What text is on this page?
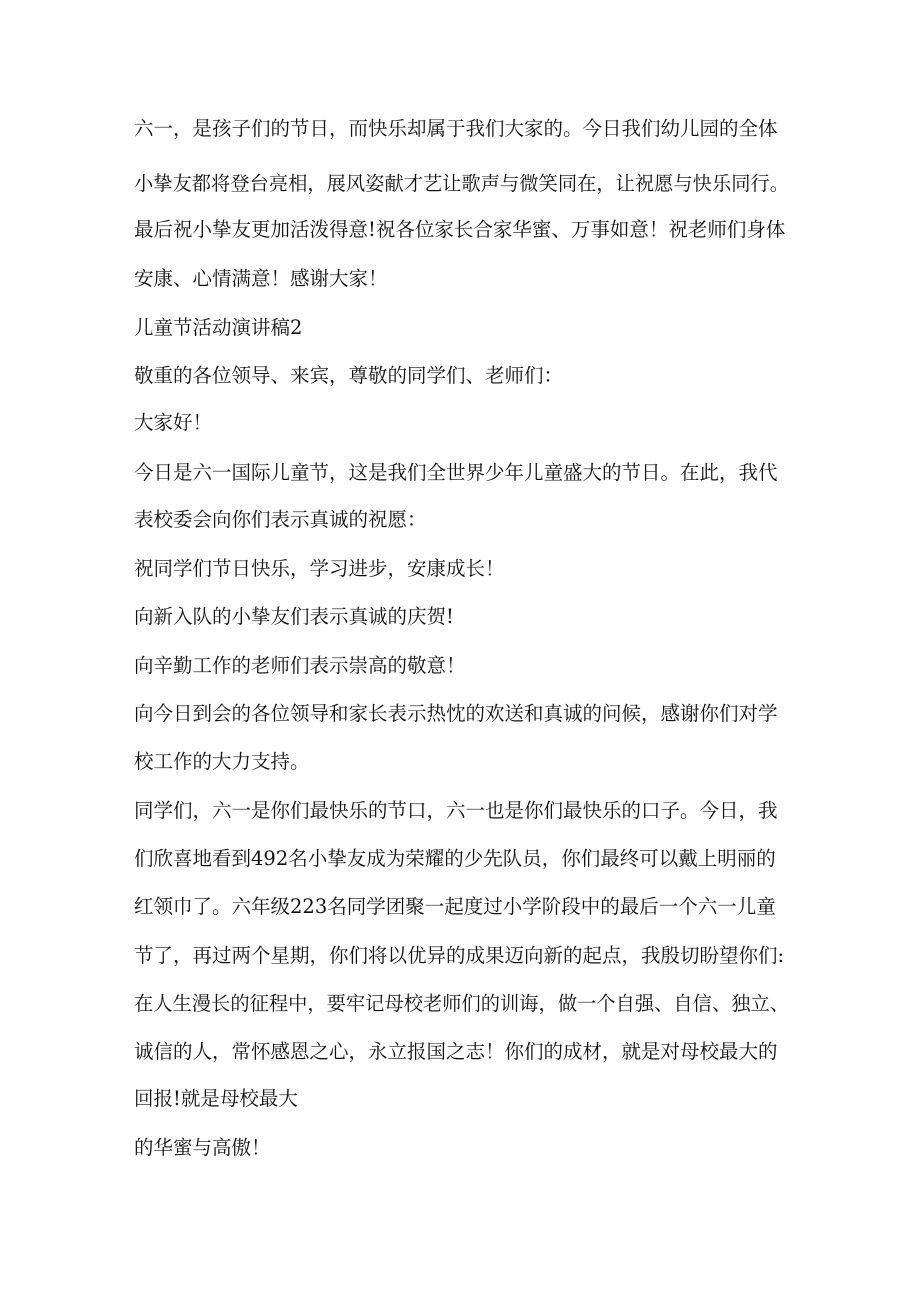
六一，是孩子们的节日，而快乐却属于我们大家的。今日我们幼儿园的全体

小挚友都将登台亮相，展风姿献才艺让歌声与微笑同在，让祝愿与快乐同行。

最后祝小挚友更加活泼得意!祝各位家长合家华蜜、万事如意！祝老师们身体

安康、心情满意！感谢大家！

儿童节活动演讲稿2

敬重的各位领导、来宾，尊敬的同学们、老师们：

大家好！

今日是六一国际儿童节，这是我们全世界少年儿童盛大的节日。在此，我代

表校委会向你们表示真诚的祝愿：

祝同学们节日快乐，学习进步，安康成长！

向新入队的小挚友们表示真诚的庆贺!

向辛勤工作的老师们表示崇高的敬意！

向今日到会的各位领导和家长表示热忱的欢送和真诚的问候，感谢你们对学

校工作的大力支持。

同学们，六一是你们最快乐的节口，六一也是你们最快乐的口子。今日，我

们欣喜地看到492名小挚友成为荣耀的少先队员，你们最终可以戴上明丽的

红领巾了。六年级223名同学团聚一起度过小学阶段中的最后一个六一儿童

节了，再过两个星期，你们将以优异的成果迈向新的起点，我殷切盼望你们:

在人生漫长的征程中，要牢记母校老师们的训诲，做一个自强、自信、独立、

诚信的人，常怀感恩之心，永立报国之志！你们的成材，就是对母校最大的

回报!就是母校最大

的华蜜与高傲！
